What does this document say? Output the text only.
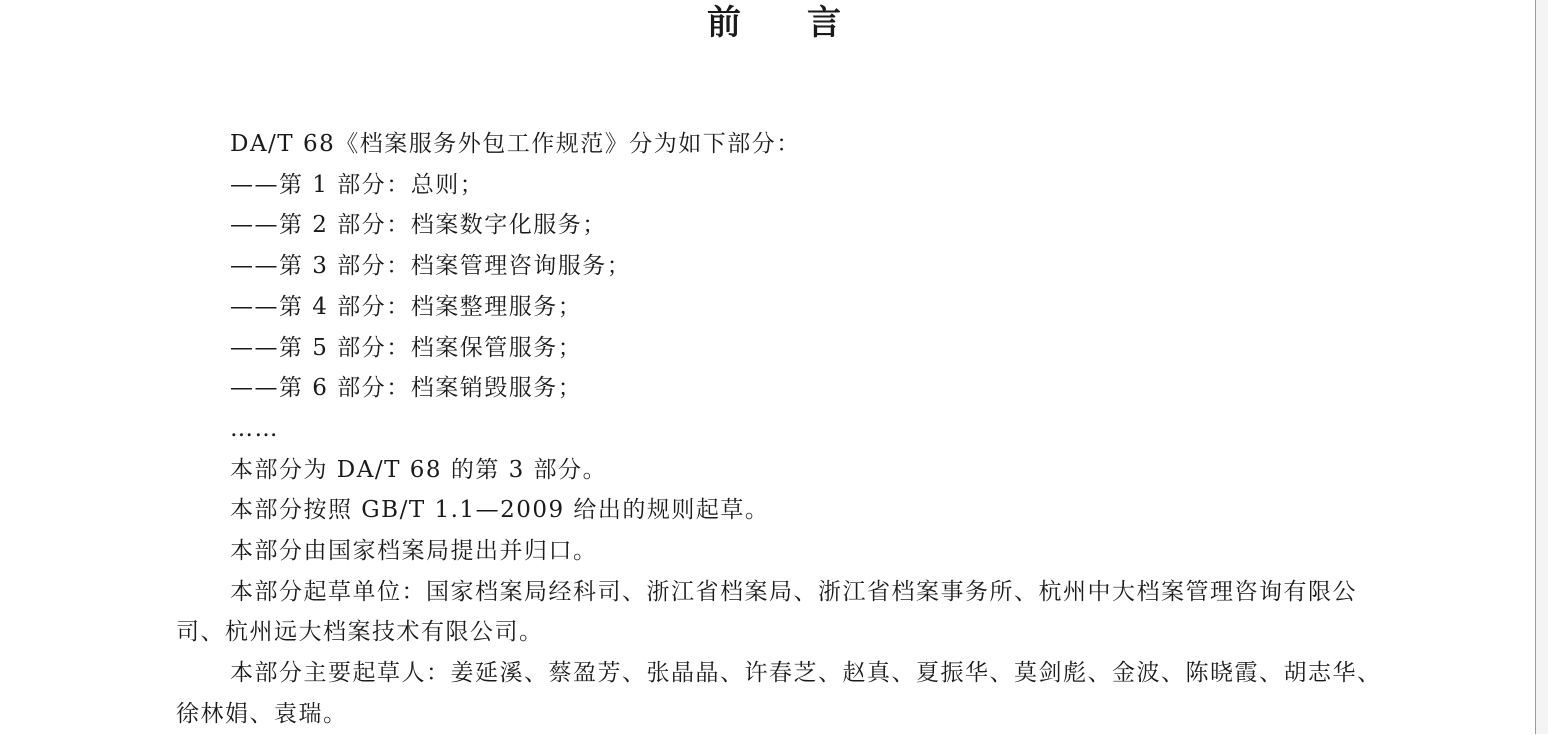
前 言

DA/T 68《档案服务外包工作规范》分为如下部分：

——第 1 部分：总则；

——第 2 部分：档案数字化服务；

——第 3 部分：档案管理咨询服务；

——第 4 部分：档案整理服务；

——第 5 部分：档案保管服务；

——第 6 部分：档案销毁服务；

……

本部分为 DA/T 68 的第 3 部分。

本部分按照 GB/T 1.1—2009 给出的规则起草。

本部分由国家档案局提出并归口。

本部分起草单位：国家档案局经科司、浙江省档案局、浙江省档案事务所、杭州中大档案管理咨询有限公司、杭州远大档案技术有限公司。

本部分主要起草人：姜延溪、蔡盈芳、张晶晶、许春芝、赵真、夏振华、莫剑彪、金波、陈晓霞、胡志华、徐林娟、袁瑞。
